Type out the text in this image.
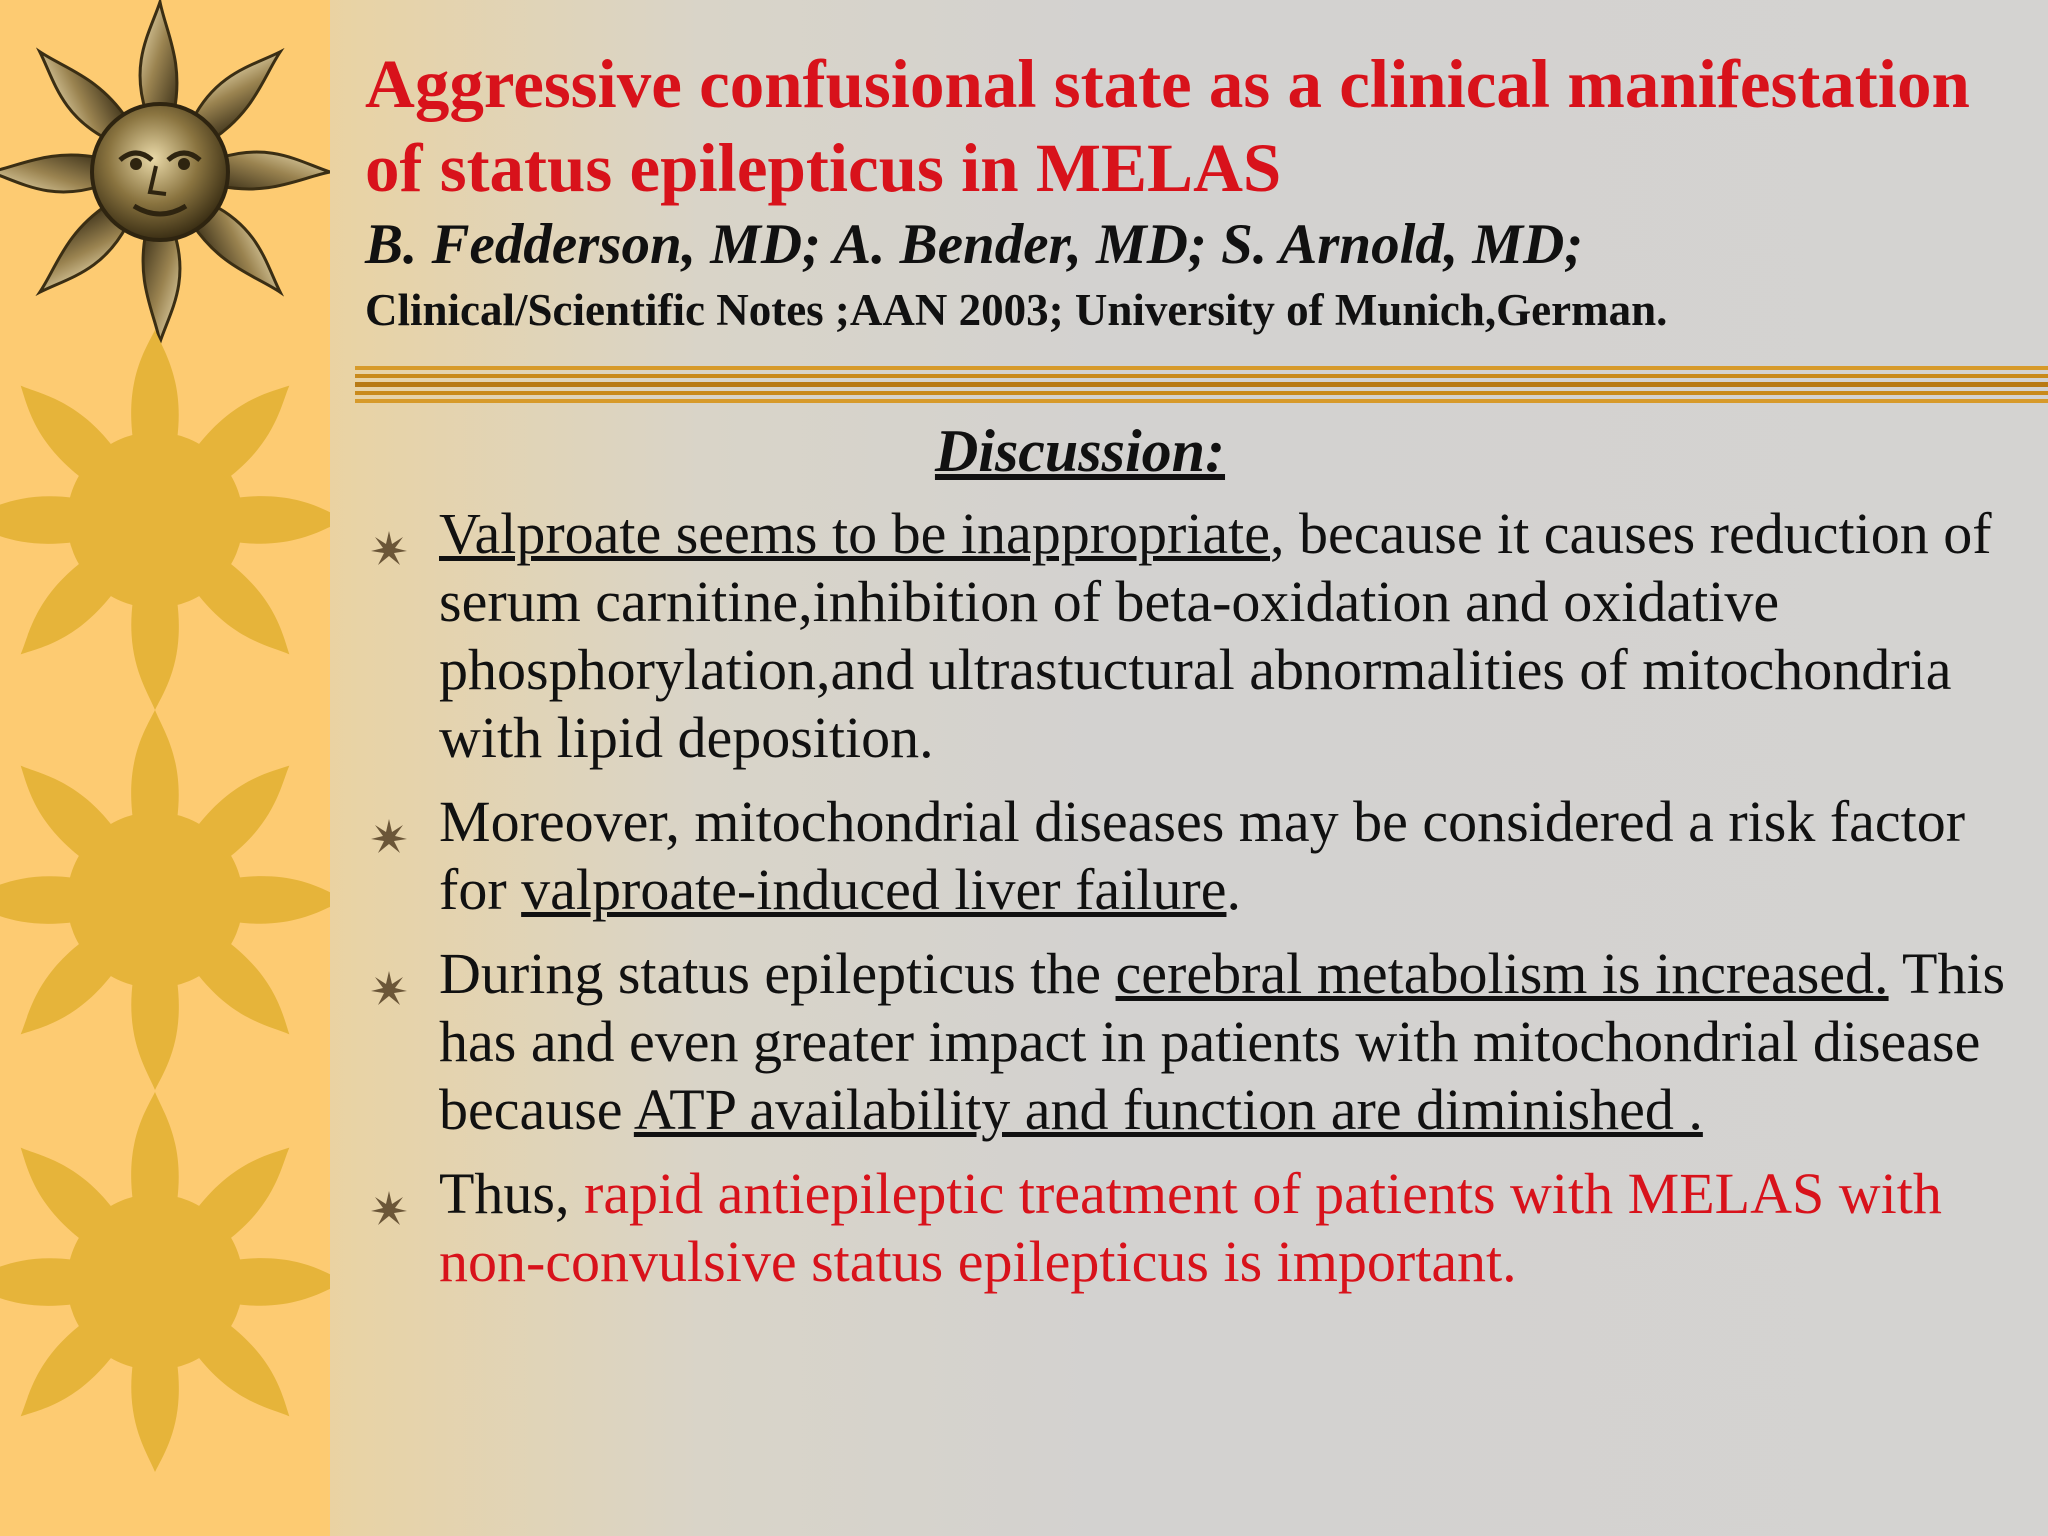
Aggressive confusional state as a clinical manifestation of status epilepticus in MELAS

B. Fedderson, MD; A. Bender, MD; S. Arnold, MD;

Clinical/Scientific Notes ;AAN 2003; University of Munich,German.

Discussion:
Valproate seems to be inappropriate, because it causes reduction of serum carnitine,inhibition of beta-oxidation and oxidative phosphorylation,and ultrastuctural abnormalities of mitochondria with lipid deposition.
Moreover, mitochondrial diseases may be considered a risk factor for valproate-induced liver failure.
During status epilepticus the cerebral metabolism is increased. This has and even greater impact in patients with mitochondrial disease because ATP availability and function are diminished .
Thus, rapid antiepileptic treatment of patients with MELAS with non-convulsive status epilepticus is important.
